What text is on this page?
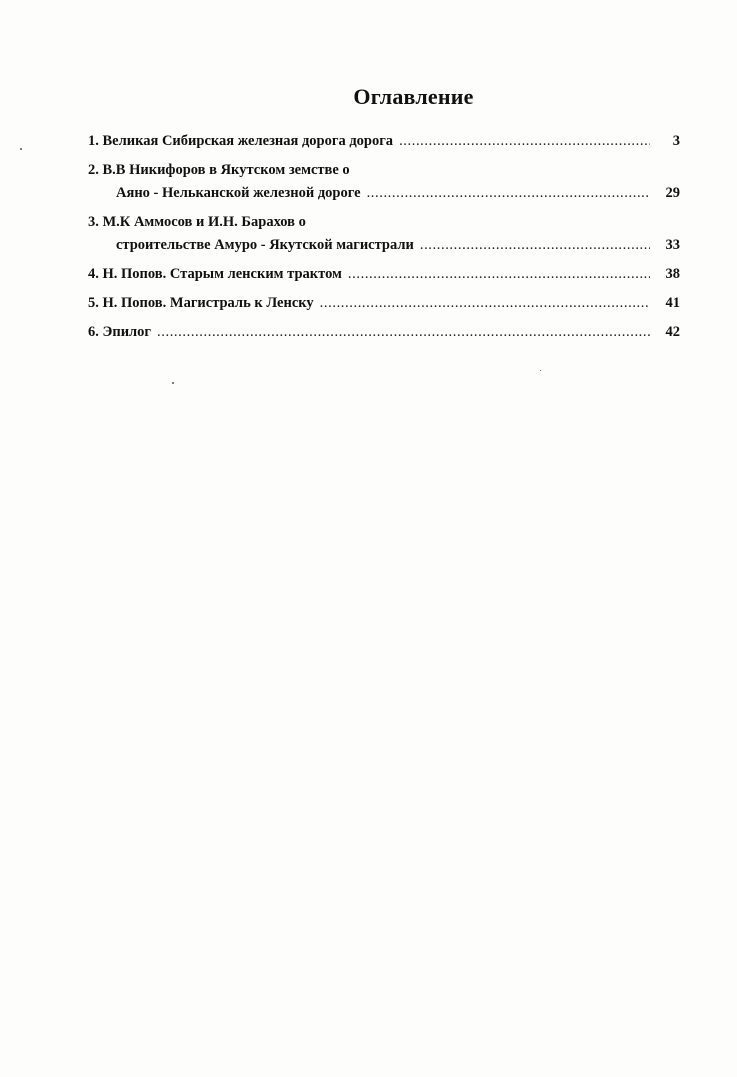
Оглавление
1. Великая Сибирская железная дорога дорога .....	3
2. В.В Никифоров в Якутском земстве о
Аяно - Нельканской железной дороге .....	29
3. М.К Аммосов и И.Н. Барахов о
строительстве Амуро - Якутской магистрали .....	33
4. Н. Попов. Старым ленским трактом .....	38
5. Н. Попов. Магистраль к Ленску .....	41
6. Эпилог .....	42
